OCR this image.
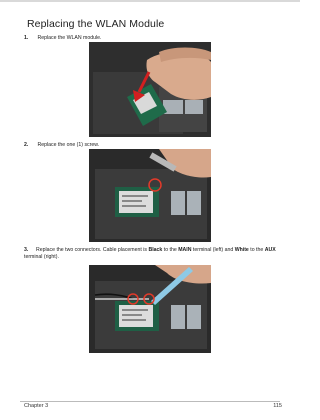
Replacing the WLAN Module
1. Replace the WLAN module.
2. Replace the one (1) screw.
3. Replace the two connectors. Cable placement is Black to the MAIN terminal (left) and White to the AUX terminal (right).
Chapter 3	115
